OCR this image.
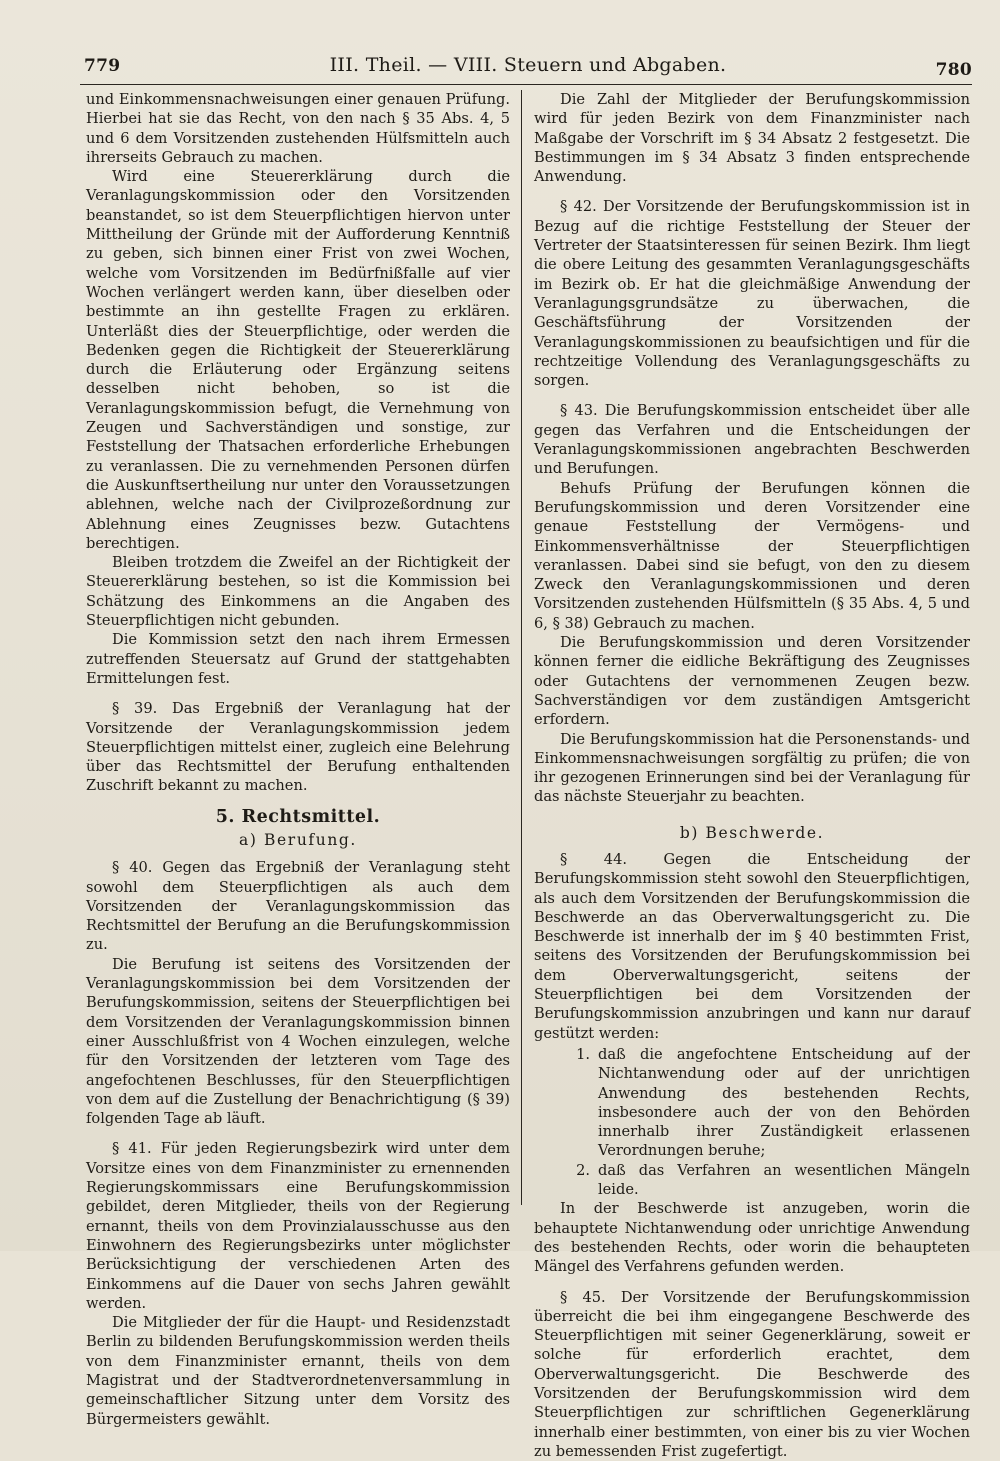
779	III. Theil. — VIII. Steuern und Abgaben.	780

und Einkommensnachweisungen einer genauen Prüfung. Hierbei hat sie das Recht, von den nach § 35 Abs. 4, 5 und 6 dem Vorsitzenden zustehenden Hülfsmitteln auch ihrerseits Gebrauch zu machen.

Wird eine Steuererklärung durch die Veranlagungskommission oder den Vorsitzenden beanstandet, so ist dem Steuerpflichtigen hiervon unter Mittheilung der Gründe mit der Aufforderung Kenntniß zu geben, sich binnen einer Frist von zwei Wochen, welche vom Vorsitzenden im Bedürfnißfalle auf vier Wochen verlängert werden kann, über dieselben oder bestimmte an ihn gestellte Fragen zu erklären. Unterläßt dies der Steuerpflichtige, oder werden die Bedenken gegen die Richtigkeit der Steuererklärung durch die Erläuterung oder Ergänzung seitens desselben nicht behoben, so ist die Veranlagungskommission befugt, die Vernehmung von Zeugen und Sachverständigen und sonstige, zur Feststellung der Thatsachen erforderliche Erhebungen zu veranlassen. Die zu vernehmenden Personen dürfen die Auskunftsertheilung nur unter den Voraussetzungen ablehnen, welche nach der Civilprozeßordnung zur Ablehnung eines Zeugnisses bezw. Gutachtens berechtigen.

Bleiben trotzdem die Zweifel an der Richtigkeit der Steuererklärung bestehen, so ist die Kommission bei Schätzung des Einkommens an die Angaben des Steuerpflichtigen nicht gebunden.

Die Kommission setzt den nach ihrem Ermessen zutreffenden Steuersatz auf Grund der stattgehabten Ermittelungen fest.

§ 39. Das Ergebniß der Veranlagung hat der Vorsitzende der Veranlagungskommission jedem Steuerpflichtigen mittelst einer, zugleich eine Belehrung über das Rechtsmittel der Berufung enthaltenden Zuschrift bekannt zu machen.

5. Rechtsmittel.
a) Berufung.

§ 40. Gegen das Ergebniß der Veranlagung steht sowohl dem Steuerpflichtigen als auch dem Vorsitzenden der Veranlagungskommission das Rechtsmittel der Berufung an die Berufungskommission zu.

Die Berufung ist seitens des Vorsitzenden der Veranlagungskommission bei dem Vorsitzenden der Berufungskommission, seitens der Steuerpflichtigen bei dem Vorsitzenden der Veranlagungskommission binnen einer Ausschlußfrist von 4 Wochen einzulegen, welche für den Vorsitzenden der letzteren vom Tage des angefochtenen Beschlusses, für den Steuerpflichtigen von dem auf die Zustellung der Benachrichtigung (§ 39) folgenden Tage ab läuft.

§ 41. Für jeden Regierungsbezirk wird unter dem Vorsitze eines von dem Finanzminister zu ernennenden Regierungskommissars eine Berufungskommission gebildet, deren Mitglieder, theils von der Regierung ernannt, theils von dem Provinzialausschusse aus den Einwohnern des Regierungsbezirks unter möglichster Berücksichtigung der verschiedenen Arten des Einkommens auf die Dauer von sechs Jahren gewählt werden.

Die Mitglieder der für die Haupt- und Residenzstadt Berlin zu bildenden Berufungskommission werden theils von dem Finanzminister ernannt, theils von dem Magistrat und der Stadtverordnetenversammlung in gemeinschaftlicher Sitzung unter dem Vorsitz des Bürgermeisters gewählt.

Die Zahl der Mitglieder der Berufungskommission wird für jeden Bezirk von dem Finanzminister nach Maßgabe der Vorschrift im § 34 Absatz 2 festgesetzt. Die Bestimmungen im § 34 Absatz 3 finden entsprechende Anwendung.

§ 42. Der Vorsitzende der Berufungskommission ist in Bezug auf die richtige Feststellung der Steuer der Vertreter der Staatsinteressen für seinen Bezirk. Ihm liegt die obere Leitung des gesammten Veranlagungsgeschäfts im Bezirk ob. Er hat die gleichmäßige Anwendung der Veranlagungsgrundsätze zu überwachen, die Geschäftsführung der Vorsitzenden der Veranlagungskommissionen zu beaufsichtigen und für die rechtzeitige Vollendung des Veranlagungsgeschäfts zu sorgen.

§ 43. Die Berufungskommission entscheidet über alle gegen das Verfahren und die Entscheidungen der Veranlagungskommissionen angebrachten Beschwerden und Berufungen.

Behufs Prüfung der Berufungen können die Berufungskommission und deren Vorsitzender eine genaue Feststellung der Vermögens- und Einkommensverhältnisse der Steuerpflichtigen veranlassen. Dabei sind sie befugt, von den zu diesem Zweck den Veranlagungskommissionen und deren Vorsitzenden zustehenden Hülfsmitteln (§ 35 Abs. 4, 5 und 6, § 38) Gebrauch zu machen.

Die Berufungskommission und deren Vorsitzender können ferner die eidliche Bekräftigung des Zeugnisses oder Gutachtens der vernommenen Zeugen bezw. Sachverständigen vor dem zuständigen Amtsgericht erfordern.

Die Berufungskommission hat die Personenstands- und Einkommensnachweisungen sorgfältig zu prüfen; die von ihr gezogenen Erinnerungen sind bei der Veranlagung für das nächste Steuerjahr zu beachten.

b) Beschwerde.

§ 44. Gegen die Entscheidung der Berufungskommission steht sowohl den Steuerpflichtigen, als auch dem Vorsitzenden der Berufungskommission die Beschwerde an das Oberverwaltungsgericht zu. Die Beschwerde ist innerhalb der im § 40 bestimmten Frist, seitens des Vorsitzenden der Berufungskommission bei dem Oberverwaltungsgericht, seitens der Steuerpflichtigen bei dem Vorsitzenden der Berufungskommission anzubringen und kann nur darauf gestützt werden:

1. daß die angefochtene Entscheidung auf der Nichtanwendung oder auf der unrichtigen Anwendung des bestehenden Rechts, insbesondere auch der von den Behörden innerhalb ihrer Zuständigkeit erlassenen Verordnungen beruhe;
2. daß das Verfahren an wesentlichen Mängeln leide.

In der Beschwerde ist anzugeben, worin die behauptete Nichtanwendung oder unrichtige Anwendung des bestehenden Rechts, oder worin die behaupteten Mängel des Verfahrens gefunden werden.

§ 45. Der Vorsitzende der Berufungskommission überreicht die bei ihm eingegangene Beschwerde des Steuerpflichtigen mit seiner Gegenerklärung, soweit er solche für erforderlich erachtet, dem Oberverwaltungsgericht. Die Beschwerde des Vorsitzenden der Berufungskommission wird dem Steuerpflichtigen zur schriftlichen Gegenerklärung innerhalb einer bestimmten, von einer bis zu vier Wochen zu bemessenden Frist zugefertigt.
